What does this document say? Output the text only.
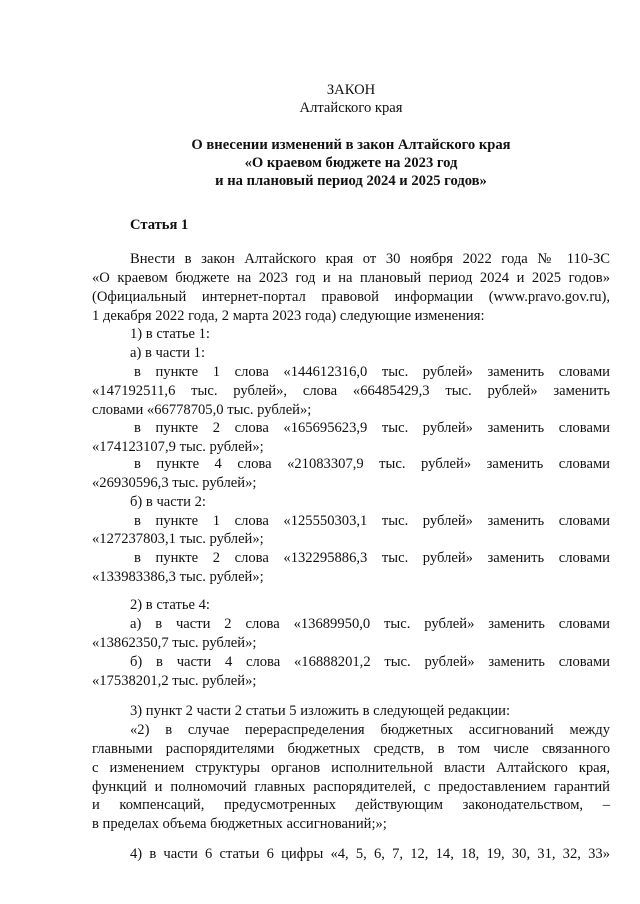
ЗАКОН
Алтайского края
О внесении изменений в закон Алтайского края
«О краевом бюджете на 2023 год
и на плановый период 2024 и 2025 годов»
Статья 1
Внести в закон Алтайского края от 30 ноября 2022 года № 110-ЗС
«О краевом бюджете на 2023 год и на плановый период 2024 и 2025 годов»
(Официальный интернет-портал правовой информации (www.pravo.gov.ru),
1 декабря 2022 года, 2 марта 2023 года) следующие изменения:
1) в статье 1:
а) в части 1:
в пункте 1 слова «144612316,0 тыс. рублей» заменить словами
«147192511,6 тыс. рублей», слова «66485429,3 тыс. рублей» заменить
словами «66778705,0 тыс. рублей»;
в пункте 2 слова «165695623,9 тыс. рублей» заменить словами
«174123107,9 тыс. рублей»;
в пункте 4 слова «21083307,9 тыс. рублей» заменить словами
«26930596,3 тыс. рублей»;
б) в части 2:
в пункте 1 слова «125550303,1 тыс. рублей» заменить словами
«127237803,1 тыс. рублей»;
в пункте 2 слова «132295886,3 тыс. рублей» заменить словами
«133983386,3 тыс. рублей»;
2) в статье 4:
а) в части 2 слова «13689950,0 тыс. рублей» заменить словами
«13862350,7 тыс. рублей»;
б) в части 4 слова «16888201,2 тыс. рублей» заменить словами
«17538201,2 тыс. рублей»;
3) пункт 2 части 2 статьи 5 изложить в следующей редакции:
«2) в случае перераспределения бюджетных ассигнований между
главными распорядителями бюджетных средств, в том числе связанного
с изменением структуры органов исполнительной власти Алтайского края,
функций и полномочий главных распорядителей, с предоставлением гарантий
и компенсаций, предусмотренных действующим законодательством, –
в пределах объема бюджетных ассигнований;»;
4) в части 6 статьи 6 цифры «4, 5, 6, 7, 12, 14, 18, 19, 30, 31, 32, 33»
